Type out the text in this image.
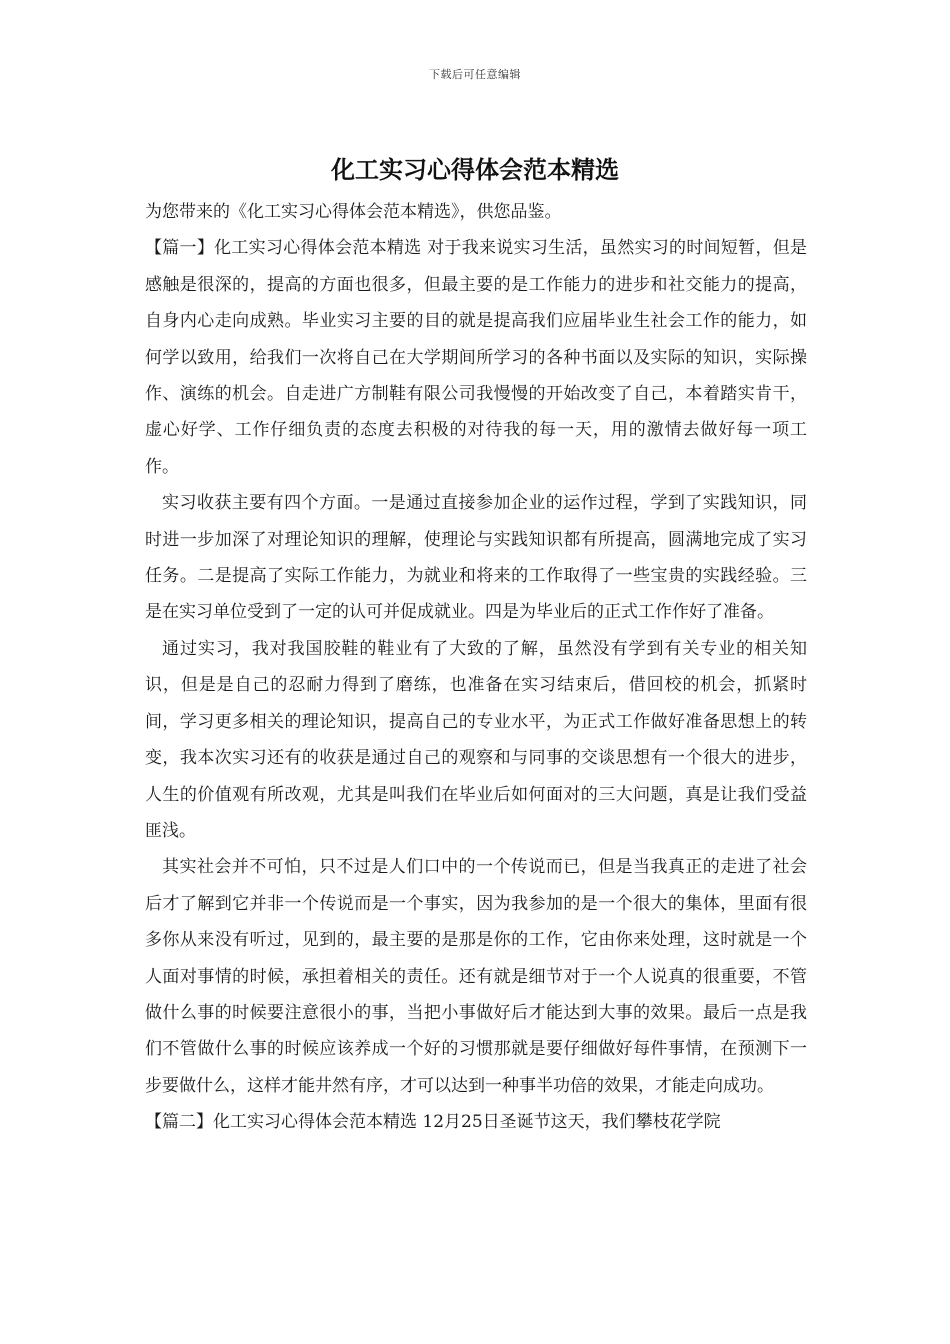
下载后可任意编辑
化工实习心得体会范本精选

为您带来的《化工实习心得体会范本精选》，供您品鉴。

【篇一】化工实习心得体会范本精选 对于我来说实习生活，虽然实习的时间短暂，但是感触是很深的，提高的方面也很多，但最主要的是工作能力的进步和社交能力的提高，自身内心走向成熟。毕业实习主要的目的就是提高我们应届毕业生社会工作的能力，如何学以致用，给我们一次将自己在大学期间所学习的各种书面以及实际的知识，实际操作、演练的机会。自走进广方制鞋有限公司我慢慢的开始改变了自己，本着踏实肯干，虚心好学、工作仔细负责的态度去积极的对待我的每一天，用的激情去做好每一项工作。

实习收获主要有四个方面。一是通过直接参加企业的运作过程，学到了实践知识，同时进一步加深了对理论知识的理解，使理论与实践知识都有所提高，圆满地完成了实习任务。二是提高了实际工作能力，为就业和将来的工作取得了一些宝贵的实践经验。三是在实习单位受到了一定的认可并促成就业。四是为毕业后的正式工作作好了准备。

通过实习，我对我国胶鞋的鞋业有了大致的了解，虽然没有学到有关专业的相关知识，但是是自己的忍耐力得到了磨练，也准备在实习结束后，借回校的机会，抓紧时间，学习更多相关的理论知识，提高自己的专业水平，为正式工作做好准备思想上的转变，我本次实习还有的收获是通过自己的观察和与同事的交谈思想有一个很大的进步，人生的价值观有所改观，尤其是叫我们在毕业后如何面对的三大问题，真是让我们受益匪浅。

其实社会并不可怕，只不过是人们口中的一个传说而已，但是当我真正的走进了社会后才了解到它并非一个传说而是一个事实，因为我参加的是一个很大的集体，里面有很多你从来没有听过，见到的，最主要的是那是你的工作，它由你来处理，这时就是一个人面对事情的时候，承担着相关的责任。还有就是细节对于一个人说真的很重要，不管做什么事的时候要注意很小的事，当把小事做好后才能达到大事的效果。最后一点是我们不管做什么事的时候应该养成一个好的习惯那就是要仔细做好每件事情，在预测下一步要做什么，这样才能井然有序，才可以达到一种事半功倍的效果，才能走向成功。

【篇二】化工实习心得体会范本精选 12月25日圣诞节这天，我们攀枝花学院
